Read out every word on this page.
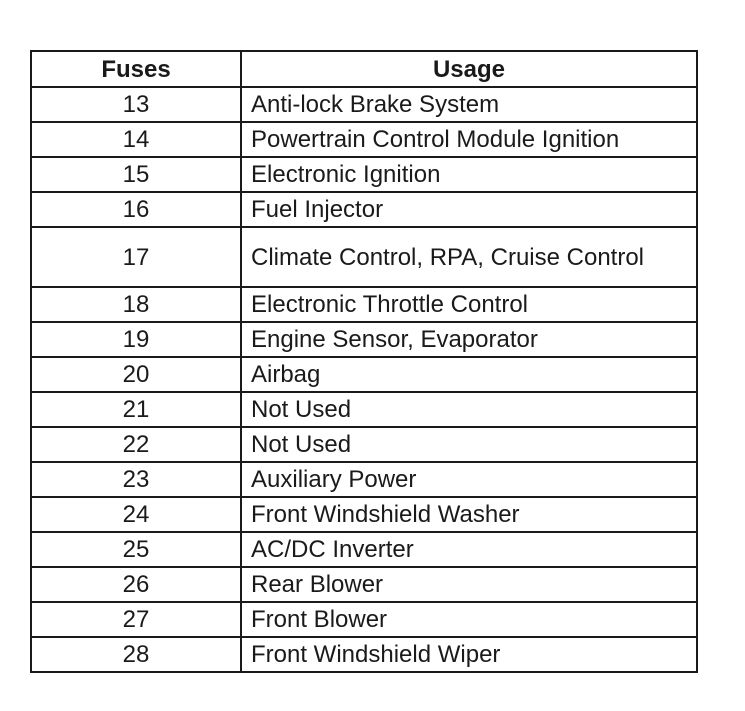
Fuses	Usage
13	Anti-lock Brake System
14	Powertrain Control Module Ignition
15	Electronic Ignition
16	Fuel Injector
17	Climate Control, RPA, Cruise Control
18	Electronic Throttle Control
19	Engine Sensor, Evaporator
20	Airbag
21	Not Used
22	Not Used
23	Auxiliary Power
24	Front Windshield Washer
25	AC/DC Inverter
26	Rear Blower
27	Front Blower
28	Front Windshield Wiper
